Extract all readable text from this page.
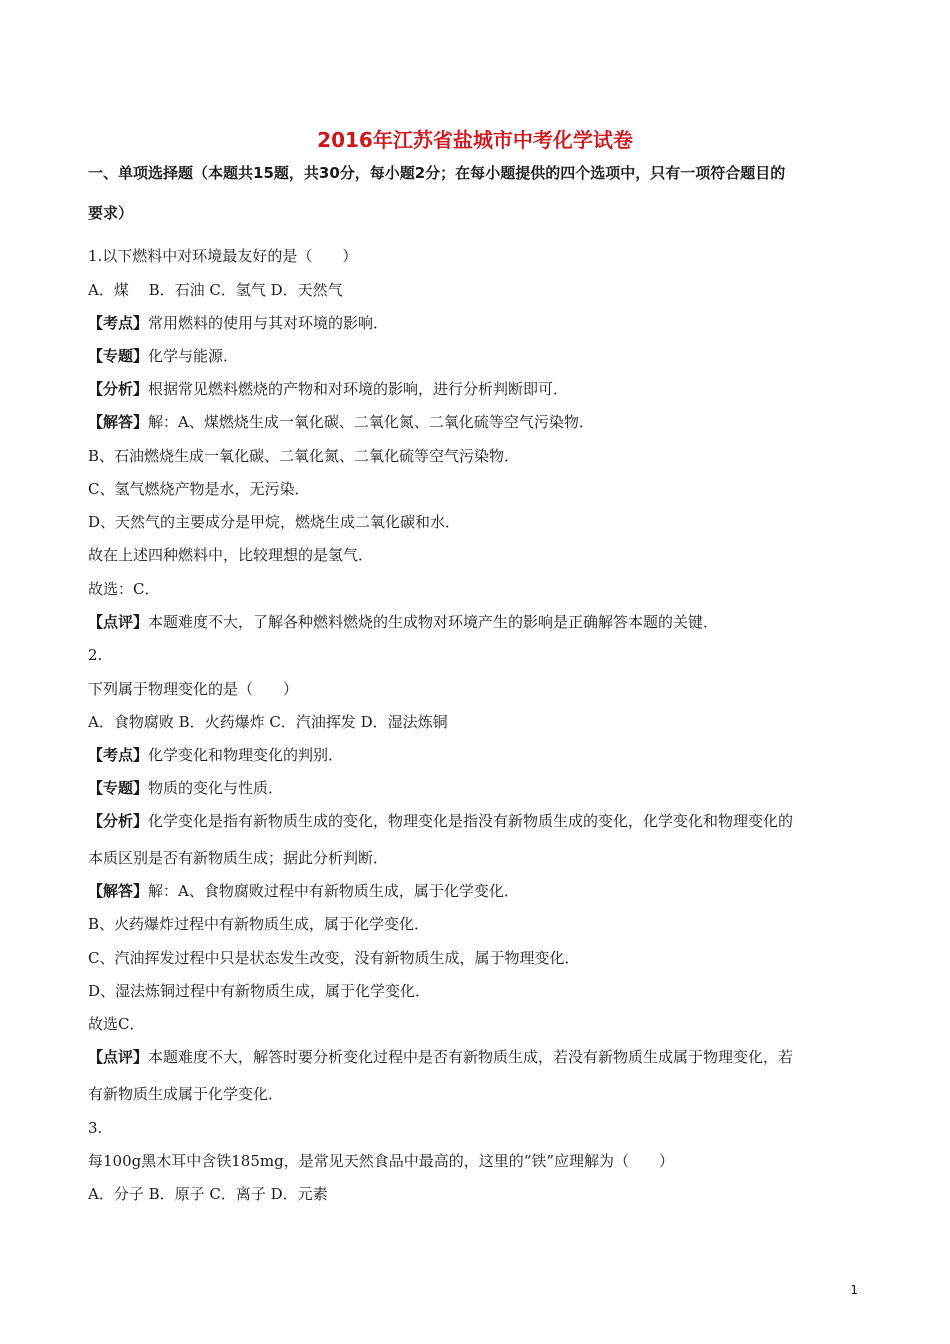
2016年江苏省盐城市中考化学试卷
一、单项选择题（本题共15题，共30分，每小题2分；在每小题提供的四个选项中，只有一项符合题目的
要求）
1.以下燃料中对环境最友好的是（　　）
A．煤　 B．石油 C．氢气 D．天然气
【考点】常用燃料的使用与其对环境的影响．
【专题】化学与能源．
【分析】根据常见燃料燃烧的产物和对环境的影响，进行分析判断即可．
【解答】解：A、煤燃烧生成一氧化碳、二氧化氮、二氧化硫等空气污染物．
B、石油燃烧生成一氧化碳、二氧化氮、二氧化硫等空气污染物．
C、氢气燃烧产物是水，无污染．
D、天然气的主要成分是甲烷，燃烧生成二氧化碳和水．
故在上述四种燃料中，比较理想的是氢气．
故选：C．
【点评】本题难度不大，了解各种燃料燃烧的生成物对环境产生的影响是正确解答本题的关键．
2.
下列属于物理变化的是（　　）
A．食物腐败 B．火药爆炸 C．汽油挥发 D．湿法炼铜
【考点】化学变化和物理变化的判别．
【专题】物质的变化与性质．
【分析】化学变化是指有新物质生成的变化，物理变化是指没有新物质生成的变化，化学变化和物理变化的
本质区别是否有新物质生成；据此分析判断．
【解答】解：A、食物腐败过程中有新物质生成，属于化学变化．
B、火药爆炸过程中有新物质生成，属于化学变化．
C、汽油挥发过程中只是状态发生改变，没有新物质生成，属于物理变化．
D、湿法炼铜过程中有新物质生成，属于化学变化．
故选C．
【点评】本题难度不大，解答时要分析变化过程中是否有新物质生成，若没有新物质生成属于物理变化，若
有新物质生成属于化学变化．
3.
每100g黑木耳中含铁185mg，是常见天然食品中最高的，这里的“铁”应理解为（　　）
A．分子 B．原子 C．离子 D．元素
1
